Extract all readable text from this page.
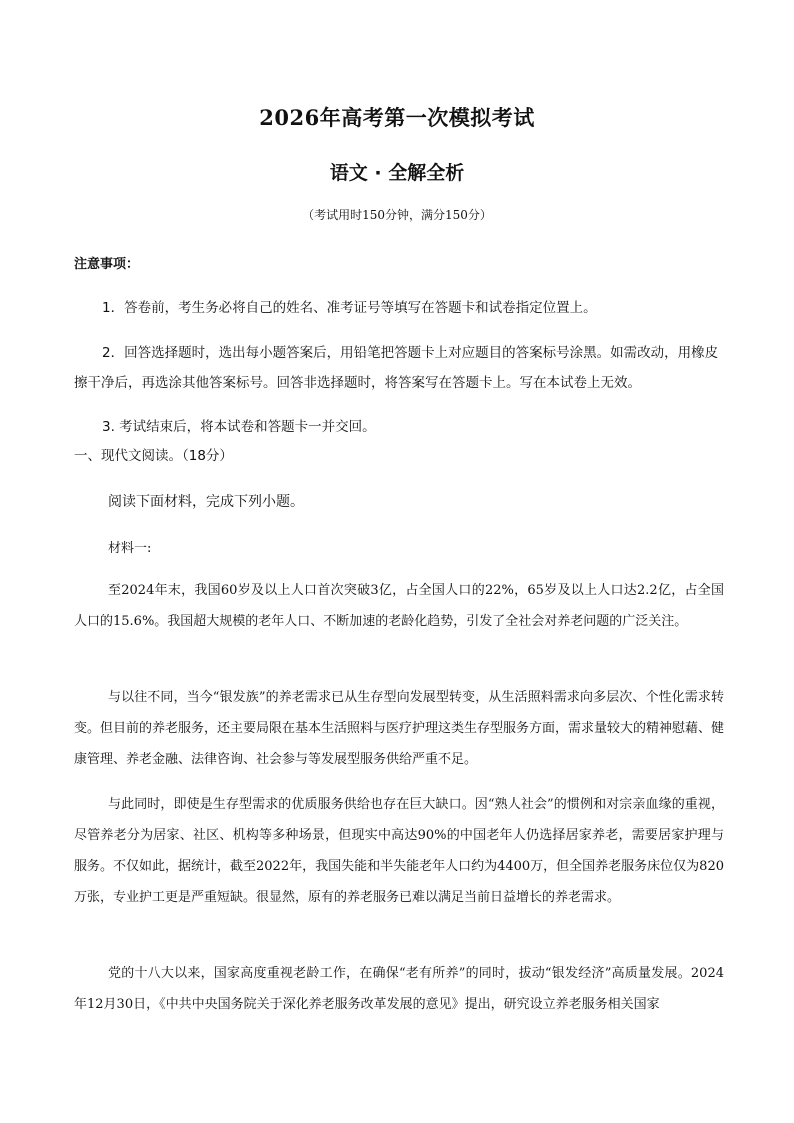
2026年高考第一次模拟考试
语文 · 全解全析
（考试用时150分钟，满分150分）
注意事项：
1．答卷前，考生务必将自己的姓名、准考证号等填写在答题卡和试卷指定位置上。
2．回答选择题时，选出每小题答案后，用铅笔把答题卡上对应题目的答案标号涂黑。如需改动，用橡皮擦干净后，再选涂其他答案标号。回答非选择题时，将答案写在答题卡上。写在本试卷上无效。
3. 考试结束后，将本试卷和答题卡一并交回。
一、现代文阅读。（18分）
阅读下面材料，完成下列小题。
材料一:
至2024年末，我国60岁及以上人口首次突破3亿，占全国人口的22%，65岁及以上人口达2.2亿，占全国人口的15.6%。我国超大规模的老年人口、不断加速的老龄化趋势，引发了全社会对养老问题的广泛关注。
与以往不同，当今“银发族”的养老需求已从生存型向发展型转变，从生活照料需求向多层次、个性化需求转变。但目前的养老服务，还主要局限在基本生活照料与医疗护理这类生存型服务方面，需求量较大的精神慰藉、健康管理、养老金融、法律咨询、社会参与等发展型服务供给严重不足。
与此同时，即使是生存型需求的优质服务供给也存在巨大缺口。因“熟人社会”的惯例和对宗亲血缘的重视，尽管养老分为居家、社区、机构等多种场景，但现实中高达90%的中国老年人仍选择居家养老，需要居家护理与服务。不仅如此，据统计，截至2022年，我国失能和半失能老年人口约为4400万，但全国养老服务床位仅为820万张，专业护工更是严重短缺。很显然，原有的养老服务已难以满足当前日益增长的养老需求。
党的十八大以来，国家高度重视老龄工作，在确保“老有所养”的同时，拔动“银发经济”高质量发展。2024年12月30日，《中共中央国务院关于深化养老服务改革发展的意见》提出，研究设立养老服务相关国家
